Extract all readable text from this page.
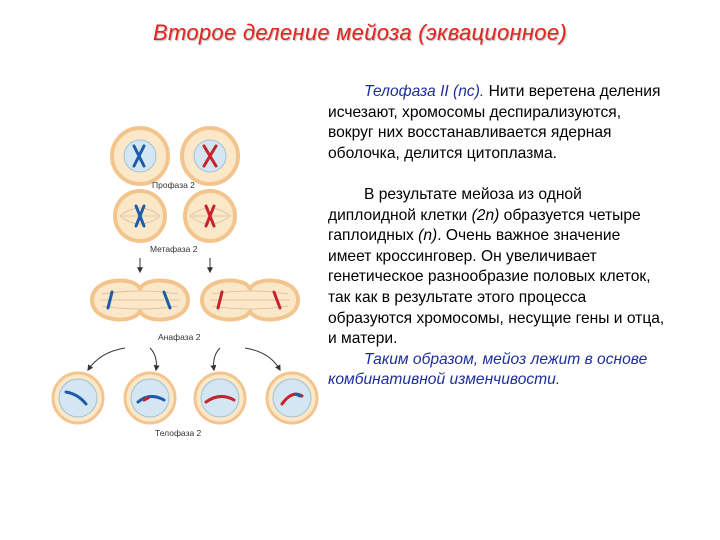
Второе деление мейоза (эквационное)
Профаза 2
Метафаза 2
Анафаза 2
Телофаза 2

Телофаза II (nc). Нити веретена деления исчезают, хромосомы деспирализуются, вокруг них восстанавливается ядерная оболочка, делится цитоплазма.

В результате мейоза из одной диплоидной клетки (2n) образуется четыре гаплоидных (n). Очень важное значение имеет кроссинговер. Он увеличивает генетическое разнообразие половых клеток, так как в результате этого процесса образуются хромосомы, несущие гены и отца, и матери.

Таким образом, мейоз лежит в основе комбинативной изменчивости.
